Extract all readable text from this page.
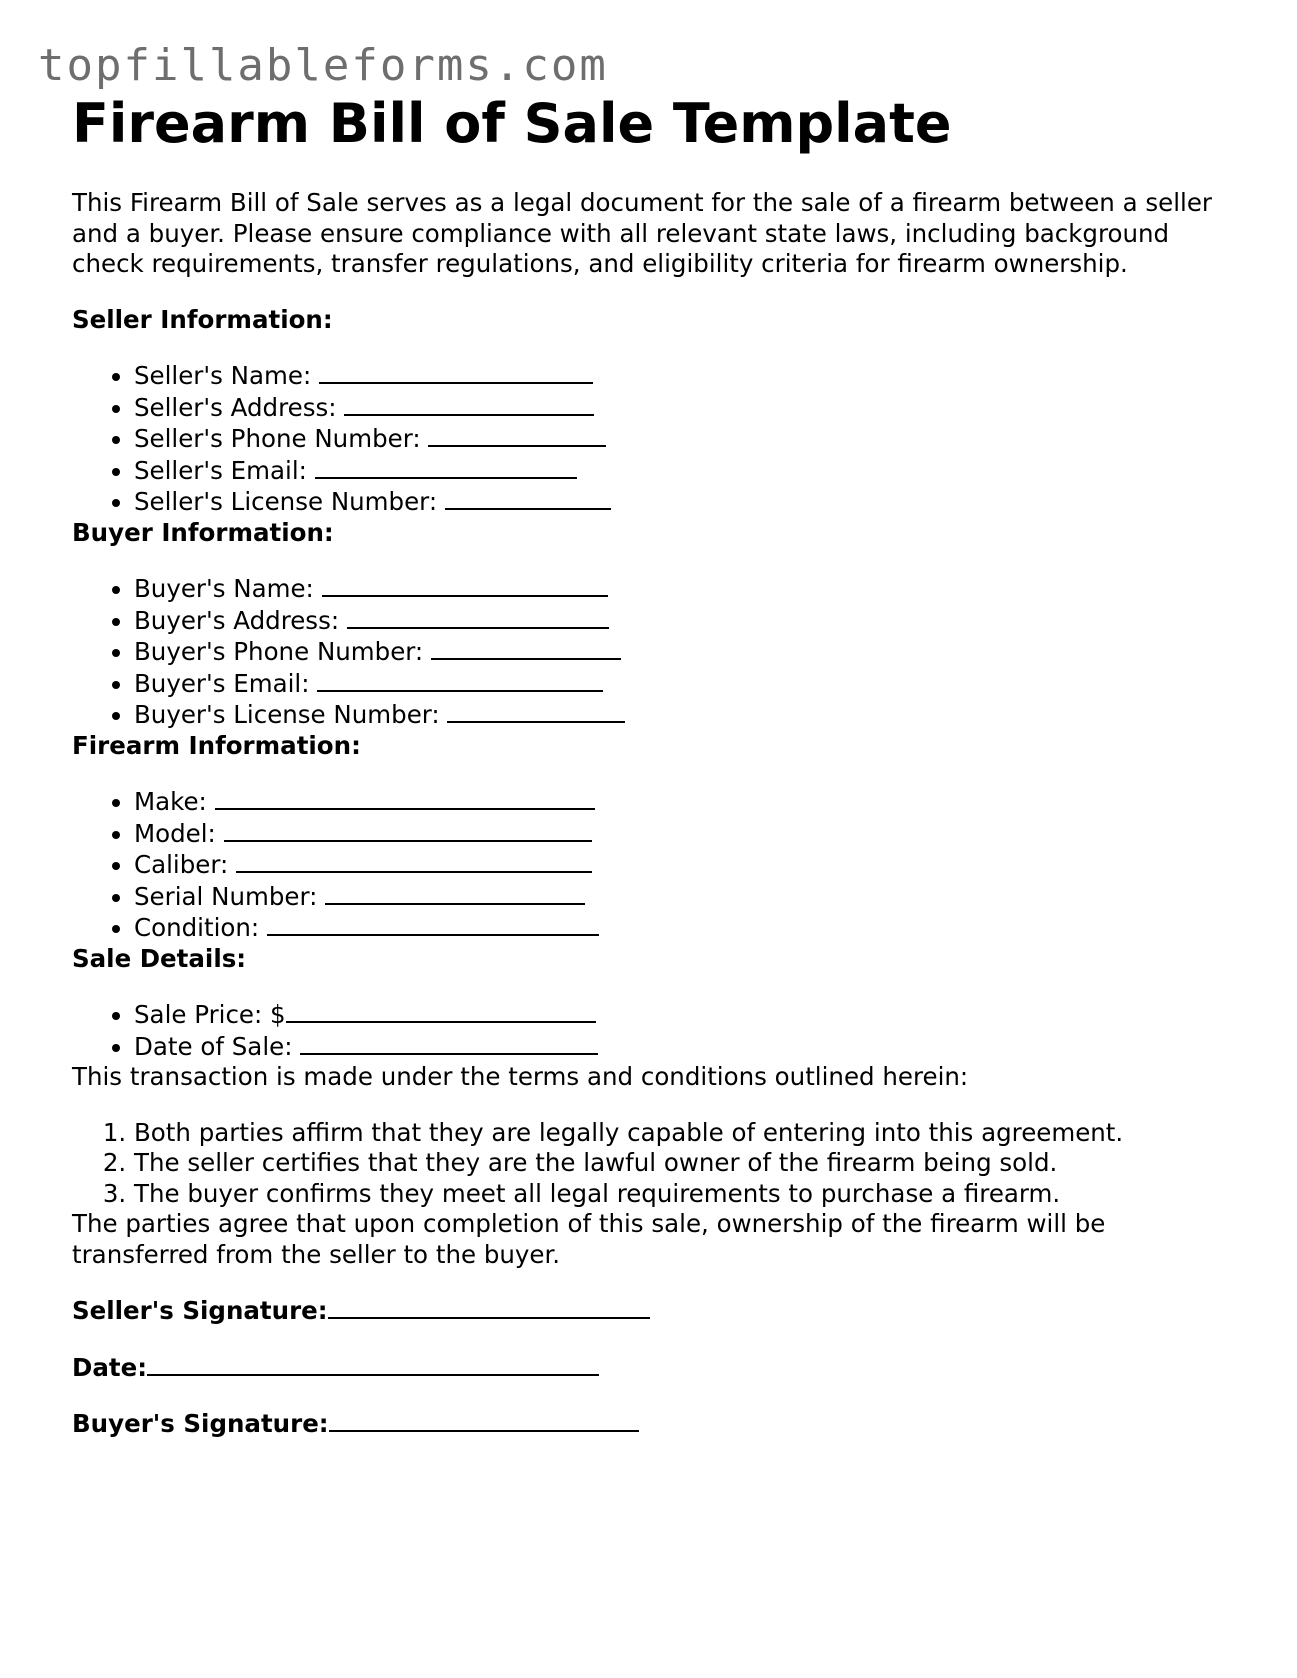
topfillableforms.com
Firearm Bill of Sale Template

This Firearm Bill of Sale serves as a legal document for the sale of a firearm between a seller and a buyer. Please ensure compliance with all relevant state laws, including background check requirements, transfer regulations, and eligibility criteria for firearm ownership.

Seller Information:

• Seller's Name:
• Seller's Address:
• Seller's Phone Number:
• Seller's Email:
• Seller's License Number:

Buyer Information:

• Buyer's Name:
• Buyer's Address:
• Buyer's Phone Number:
• Buyer's Email:
• Buyer's License Number:

Firearm Information:

• Make:
• Model:
• Caliber:
• Serial Number:
• Condition:

Sale Details:

• Sale Price: $
• Date of Sale:

This transaction is made under the terms and conditions outlined herein:

1. Both parties affirm that they are legally capable of entering into this agreement.
2. The seller certifies that they are the lawful owner of the firearm being sold.
3. The buyer confirms they meet all legal requirements to purchase a firearm.

The parties agree that upon completion of this sale, ownership of the firearm will be transferred from the seller to the buyer.

Seller's Signature:

Date:

Buyer's Signature:
